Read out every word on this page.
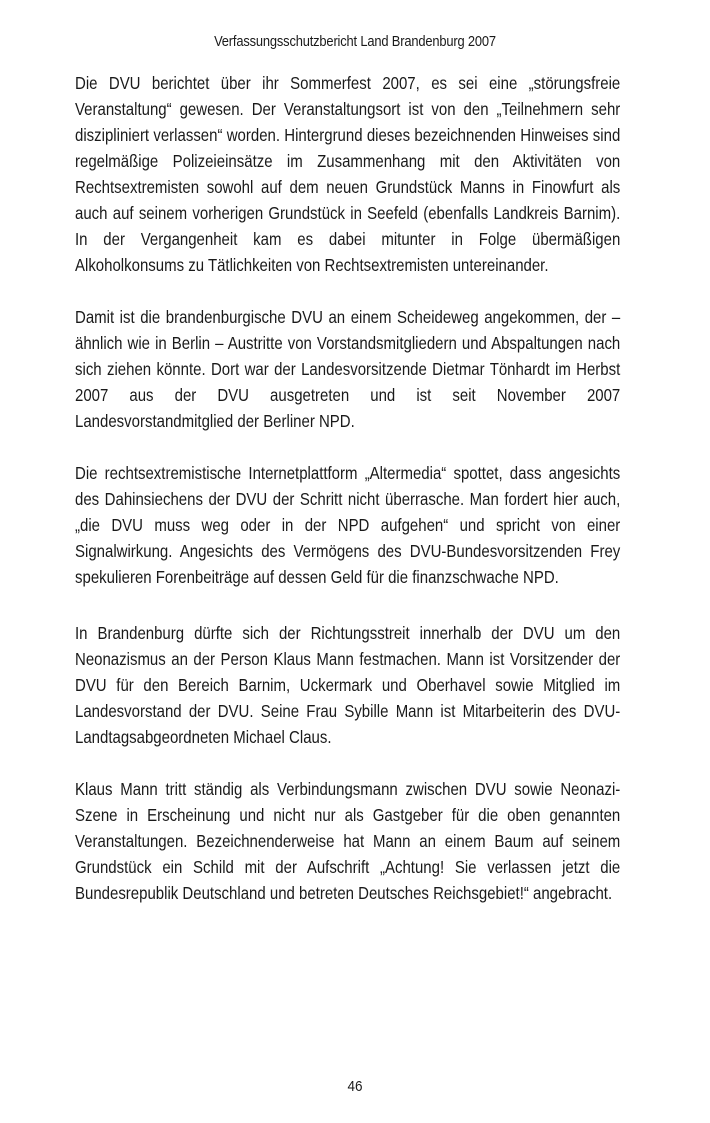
Verfassungsschutzbericht Land Brandenburg 2007

Die DVU berichtet über ihr Sommerfest 2007, es sei eine „störungsfreie Veranstaltung“ gewesen. Der Veranstaltungsort ist von den „Teilnehmern sehr diszipliniert verlassen“ worden. Hintergrund dieses bezeichnenden Hinweises sind regelmäßige Polizeieinsätze im Zusammenhang mit den Aktivitäten von Rechtsextremisten sowohl auf dem neuen Grundstück Manns in Finowfurt als auch auf seinem vorherigen Grundstück in Seefeld (ebenfalls Landkreis Barnim). In der Vergangenheit kam es dabei mitunter in Folge übermäßigen Alkoholkonsums zu Tätlichkeiten von Rechtsextremisten untereinander.

Damit ist die brandenburgische DVU an einem Scheideweg angekommen, der – ähnlich wie in Berlin – Austritte von Vorstandsmitgliedern und Abspaltungen nach sich ziehen könnte. Dort war der Landesvorsitzende Dietmar Tönhardt im Herbst 2007 aus der DVU ausgetreten und ist seit November 2007 Landesvorstandmitglied der Berliner NPD.

Die rechtsextremistische Internetplattform „Altermedia“ spottet, dass angesichts des Dahinsiechens der DVU der Schritt nicht überrasche. Man fordert hier auch, „die DVU muss weg oder in der NPD aufgehen“ und spricht von einer Signalwirkung. Angesichts des Vermögens des DVU-Bundesvorsitzenden Frey spekulieren Forenbeiträge auf dessen Geld für die finanzschwache NPD.

In Brandenburg dürfte sich der Richtungsstreit innerhalb der DVU um den Neonazismus an der Person Klaus Mann festmachen. Mann ist Vorsitzender der DVU für den Bereich Barnim, Uckermark und Oberhavel sowie Mitglied im Landesvorstand der DVU. Seine Frau Sybille Mann ist Mitarbeiterin des DVU-Landtagsabgeordneten Michael Claus.

Klaus Mann tritt ständig als Verbindungsmann zwischen DVU sowie Neonazi-Szene in Erscheinung und nicht nur als Gastgeber für die oben genannten Veranstaltungen. Bezeichnenderweise hat Mann an einem Baum auf seinem Grundstück ein Schild mit der Aufschrift „Achtung! Sie verlassen jetzt die Bundesrepublik Deutschland und betreten Deutsches Reichsgebiet!“ angebracht.

46
